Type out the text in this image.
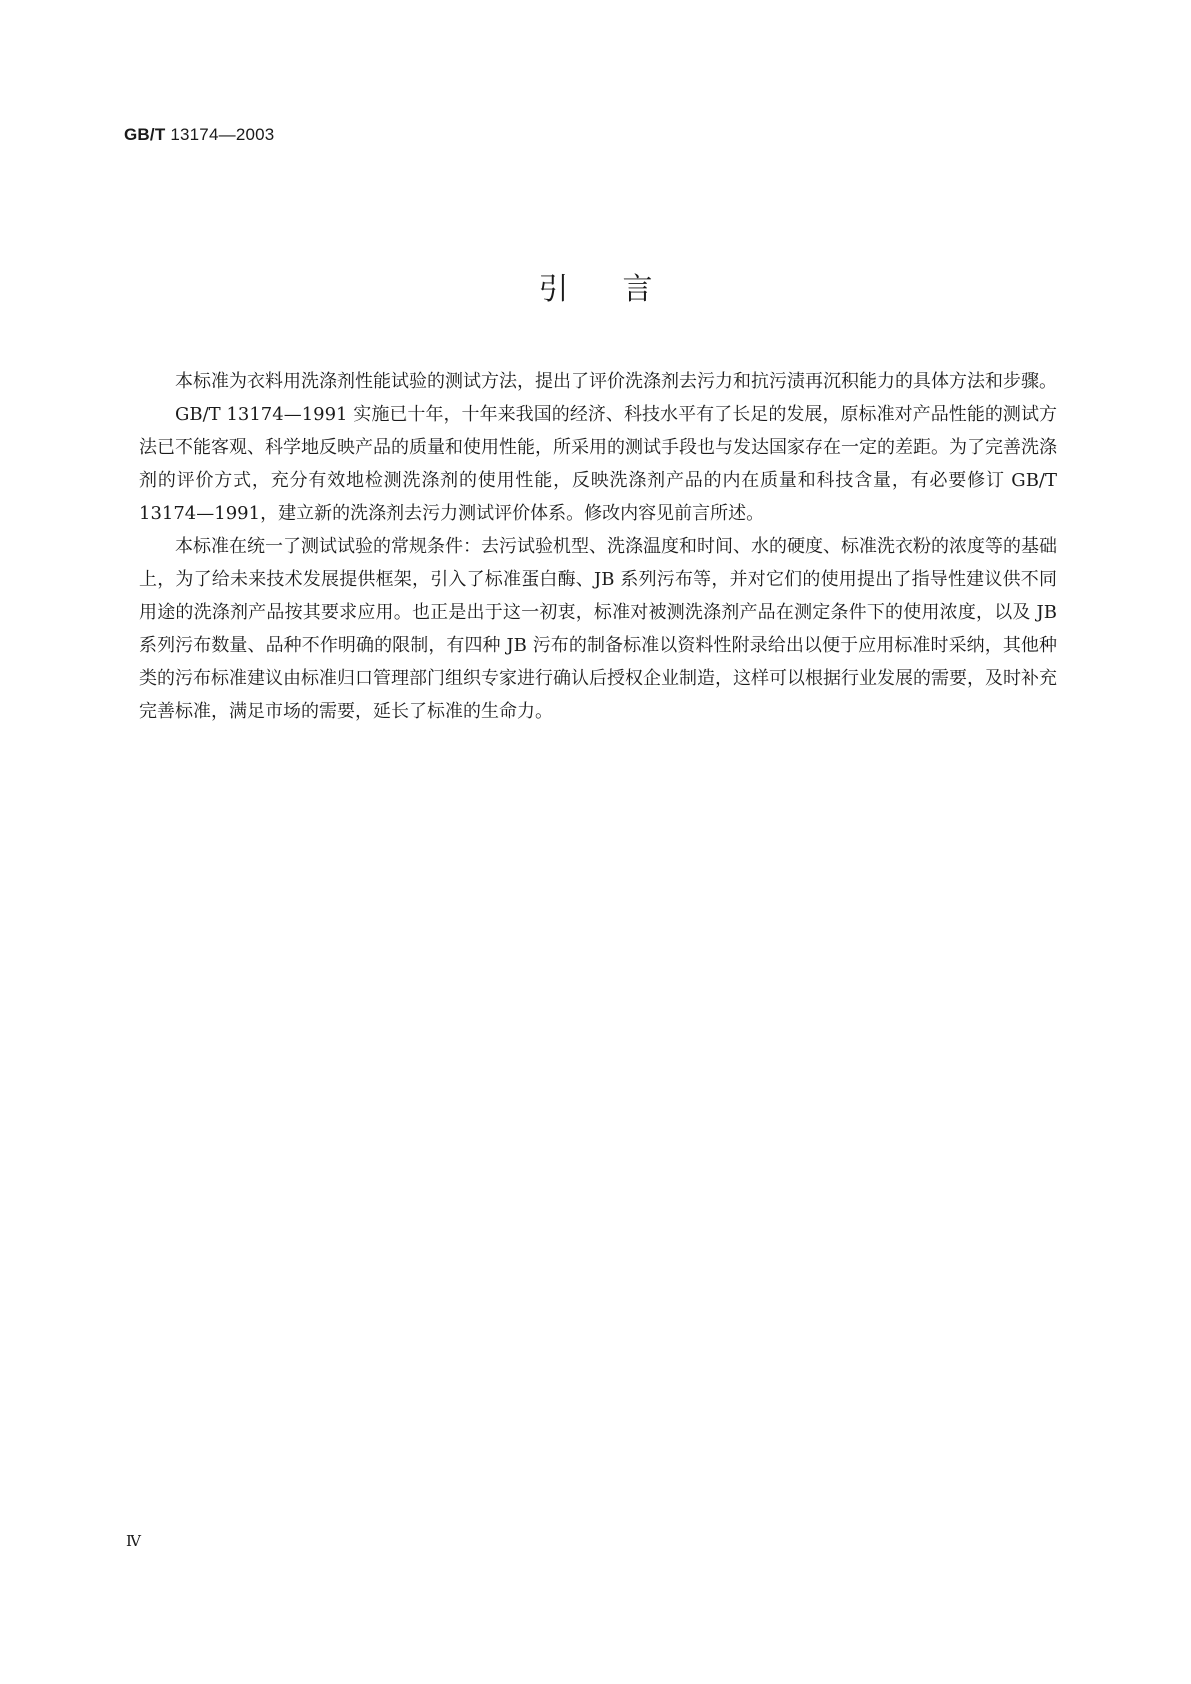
GB/T 13174—2003
引言

本标准为衣料用洗涤剂性能试验的测试方法，提出了评价洗涤剂去污力和抗污渍再沉积能力的具体方法和步骤。

GB/T 13174—1991 实施已十年，十年来我国的经济、科技水平有了长足的发展，原标准对产品性能的测试方法已不能客观、科学地反映产品的质量和使用性能，所采用的测试手段也与发达国家存在一定的差距。为了完善洗涤剂的评价方式，充分有效地检测洗涤剂的使用性能，反映洗涤剂产品的内在质量和科技含量，有必要修订 GB/T 13174—1991，建立新的洗涤剂去污力测试评价体系。修改内容见前言所述。

本标准在统一了测试试验的常规条件：去污试验机型、洗涤温度和时间、水的硬度、标准洗衣粉的浓度等的基础上，为了给未来技术发展提供框架，引入了标准蛋白酶、JB 系列污布等，并对它们的使用提出了指导性建议供不同用途的洗涤剂产品按其要求应用。也正是出于这一初衷，标准对被测洗涤剂产品在测定条件下的使用浓度，以及 JB 系列污布数量、品种不作明确的限制，有四种 JB 污布的制备标准以资料性附录给出以便于应用标准时采纳，其他种类的污布标准建议由标准归口管理部门组织专家进行确认后授权企业制造，这样可以根据行业发展的需要，及时补充完善标准，满足市场的需要，延长了标准的生命力。

Ⅳ
